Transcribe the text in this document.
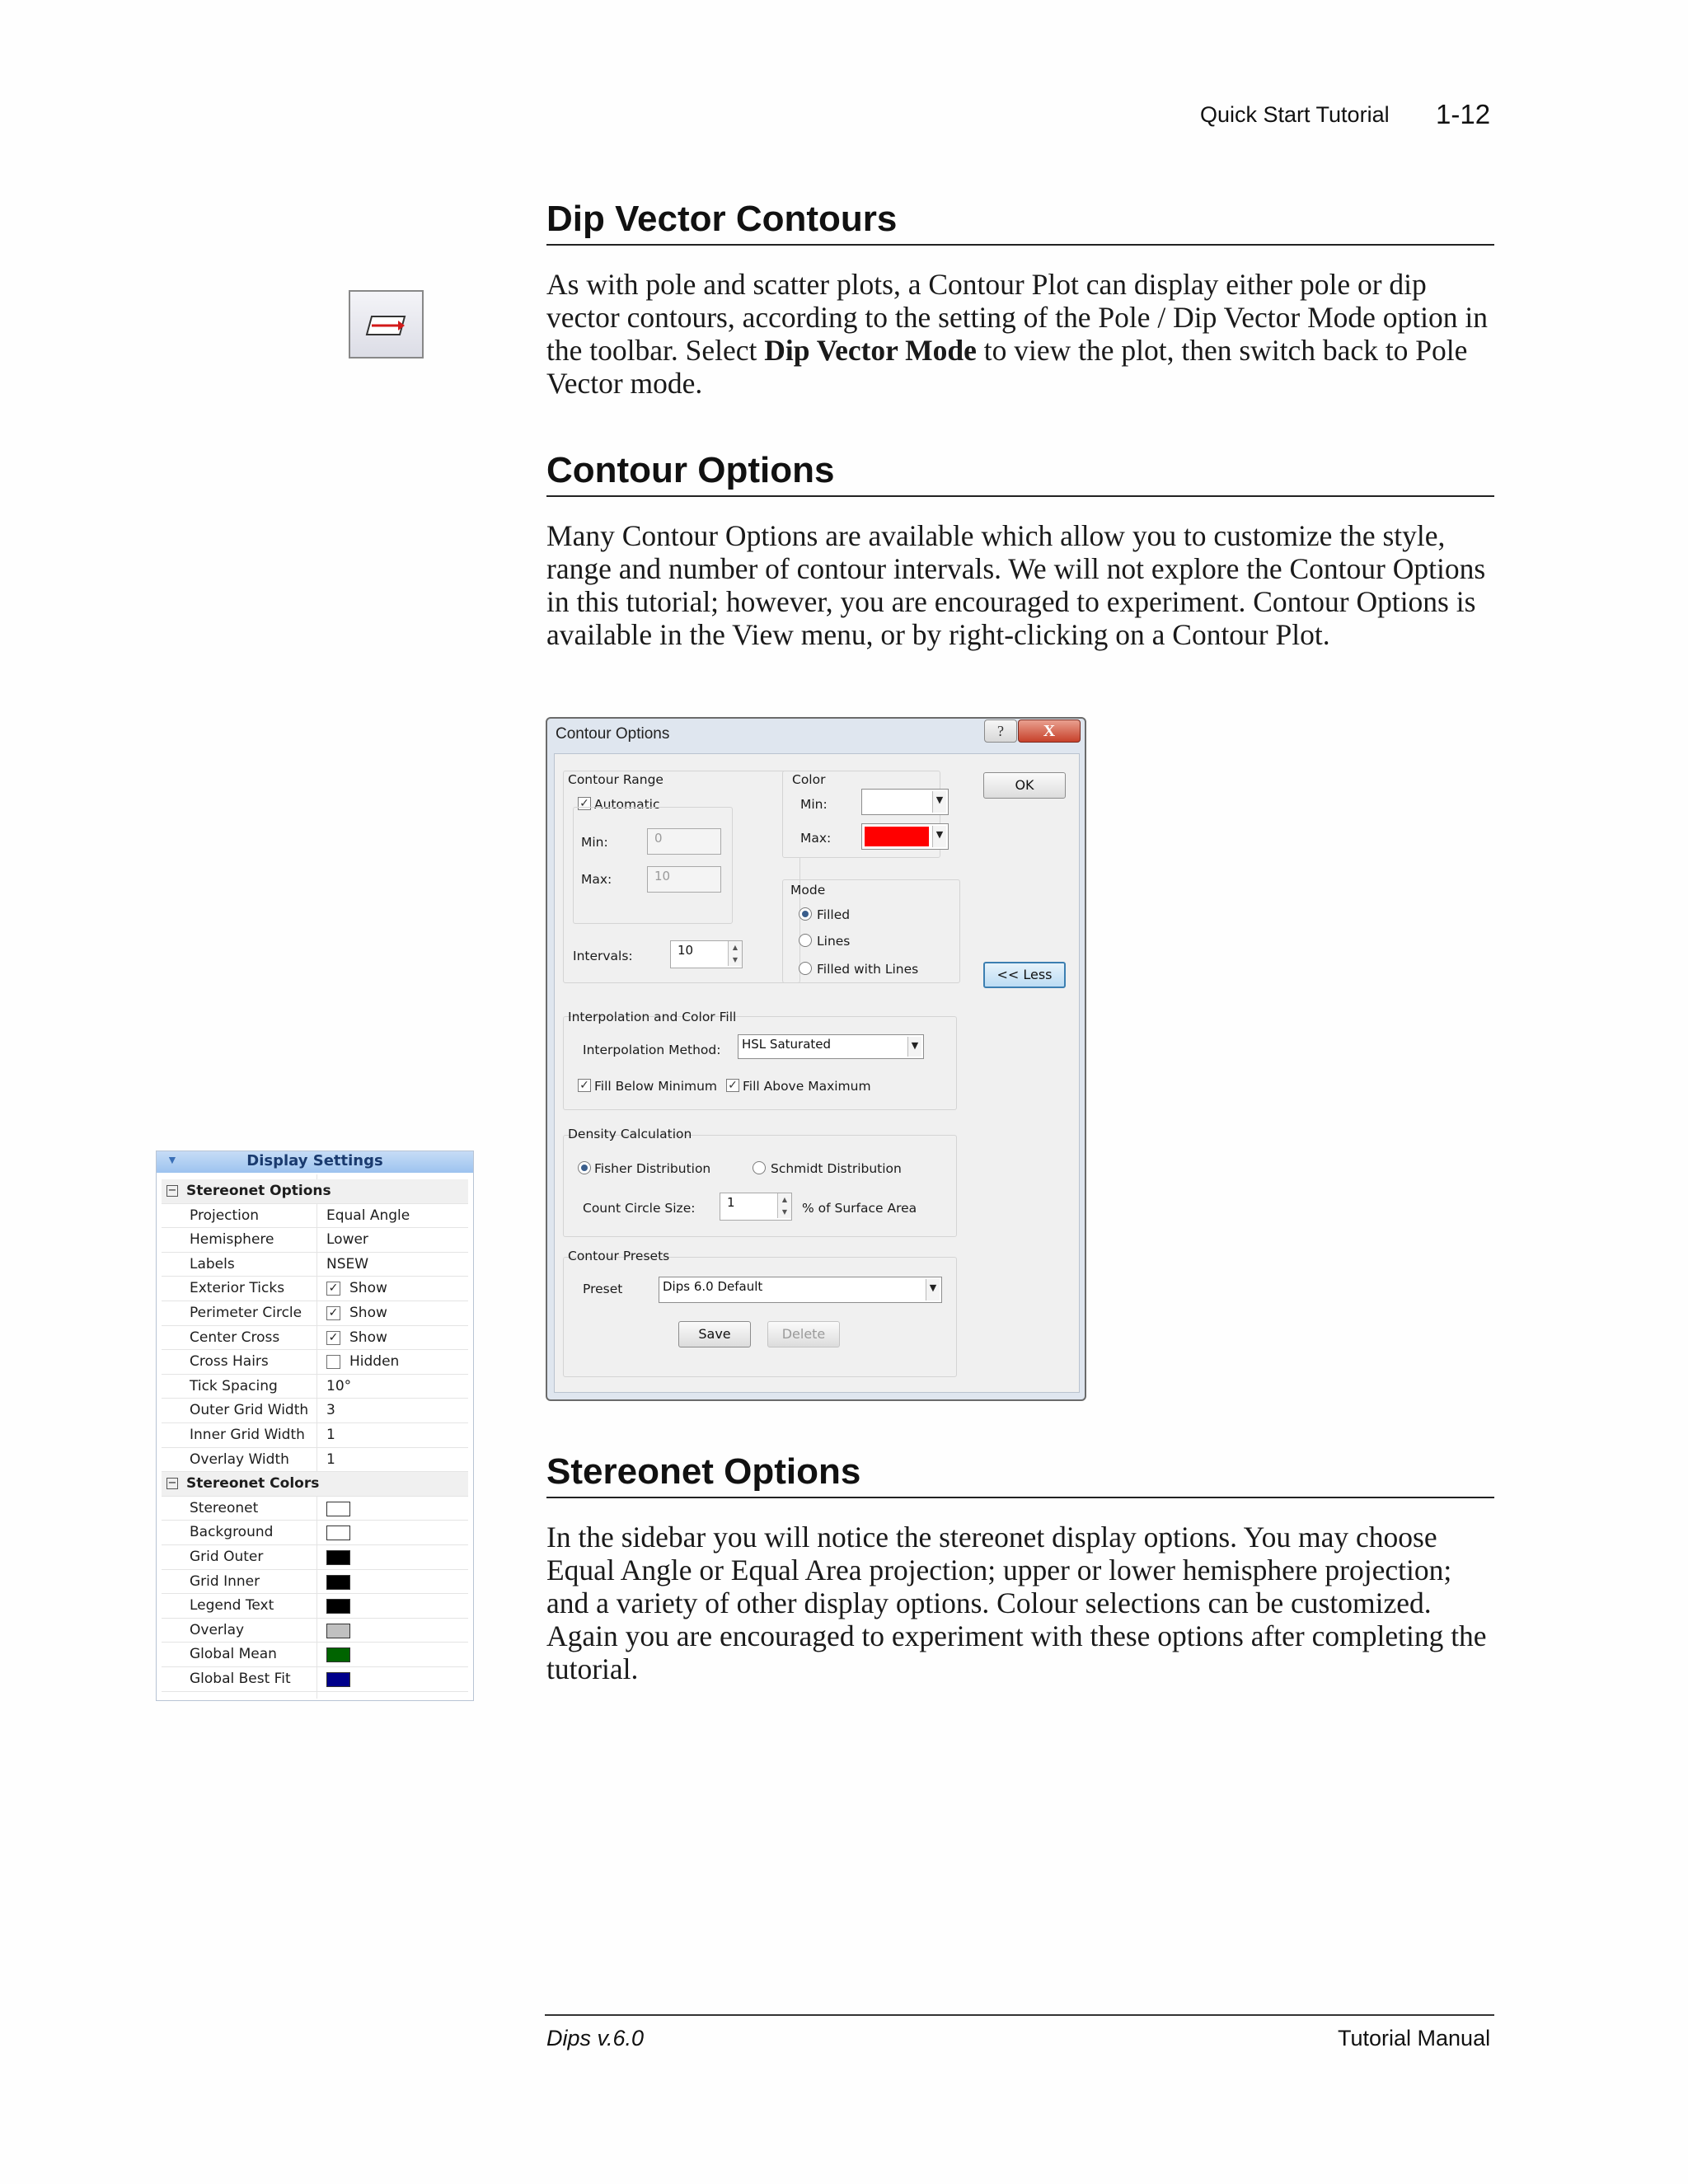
Quick Start Tutorial 1-12
Dip Vector Contours
As with pole and scatter plots, a Contour Plot can display either pole or dip vector contours, according to the setting of the Pole / Dip Vector Mode option in the toolbar. Select Dip Vector Mode to view the plot, then switch back to Pole Vector mode.
Contour Options
Many Contour Options are available which allow you to customize the style, range and number of contour intervals. We will not explore the Contour Options in this tutorial; however, you are encouraged to experiment. Contour Options is available in the View menu, or by right-clicking on a Contour Plot.
Contour Options	?	X
Contour Range
✓ Automatic
Min:	0
Max:	10
Intervals:	10	▲
▼
Color
Min:	▼
Max:	▼
Mode
Filled
Lines
Filled with Lines
OK
<< Less
Interpolation and Color Fill
Interpolation Method:	HSL Saturated	▼
✓ Fill Below Minimum ✓ Fill Above Maximum
Density Calculation
Fisher Distribution	Schmidt Distribution
Count Circle Size:	1	▲
▼	% of Surface Area
Contour Presets
Preset	Dips 6.0 Default	▼
Save	Delete
Stereonet Options
In the sidebar you will notice the stereonet display options. You may choose Equal Angle or Equal Area projection; upper or lower hemisphere projection; and a variety of other display options. Colour selections can be customized. Again you are encouraged to experiment with these options after completing the tutorial.
▼	Display Settings
− Stereonet Options
Projection	Equal Angle
Hemisphere	Lower
Labels	NSEW
Exterior Ticks	✓ Show
Perimeter Circle ✓ Show
Center Cross	✓ Show
Cross Hairs	Hidden
Tick Spacing	10°
Outer Grid Width 3
Inner Grid Width 1
Overlay Width	1
− Stereonet Colors
Stereonet
Background
Grid Outer
Grid Inner
Legend Text
Overlay
Global Mean
Global Best Fit
Dips v.6.0	Tutorial Manual
